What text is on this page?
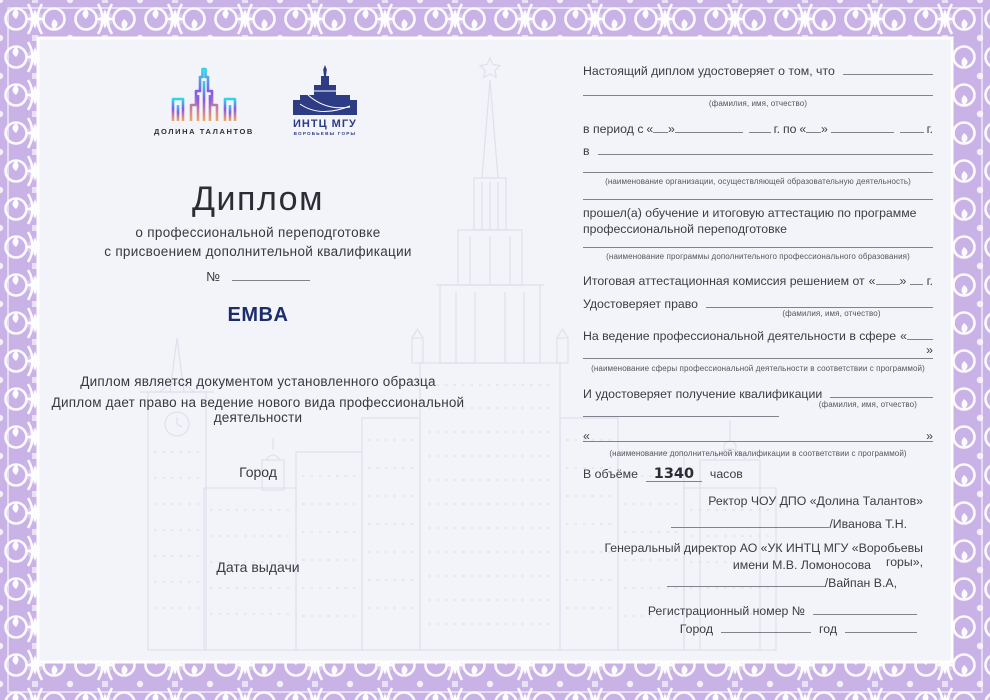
ДОЛИНА ТАЛАНТОВ
ИНТЦ МГУ
ВОРОБЬЕВЫ ГОРЫ
Диплом
о профессиональной переподготовке
с присвоением дополнительной квалификации
№
EMBA
Диплом является документом установленного образца
Диплом дает право на ведение нового вида профессиональной деятельности
Город
Дата выдачи
Настоящий диплом удостоверяет о том, что
(фамилия, имя, отчество)
в период с « »	г. по « »	г.
в
(наименование организации, осуществляющей образовательную деятельность)
прошел(а) обучение и итоговую аттестацию по программе
профессиональной переподготовке
(наименование программы дополнительного профессионального образования)
Итоговая аттестационная комиссия решением от « » г.
Удостоверяет право
(фамилия, имя, отчество)
На ведение профессиональной деятельности в сфере «
»
(наименование сферы профессиональной деятельности в соответствии с программой)
И удостоверяет получение квалификации
(фамилия, имя, отчество)
«	»
(наименование дополнительной квалификации в соответствии с программой)
В объёме	1340	часов
Ректор ЧОУ ДПО «Долина Талантов»
/Иванова Т.Н.
Генеральный директор АО «УК ИНТЦ МГУ «Воробьевы горы»,
имени М.В. Ломоносова
/Вайпан В.А,
Регистрационный номер №
Город	год
